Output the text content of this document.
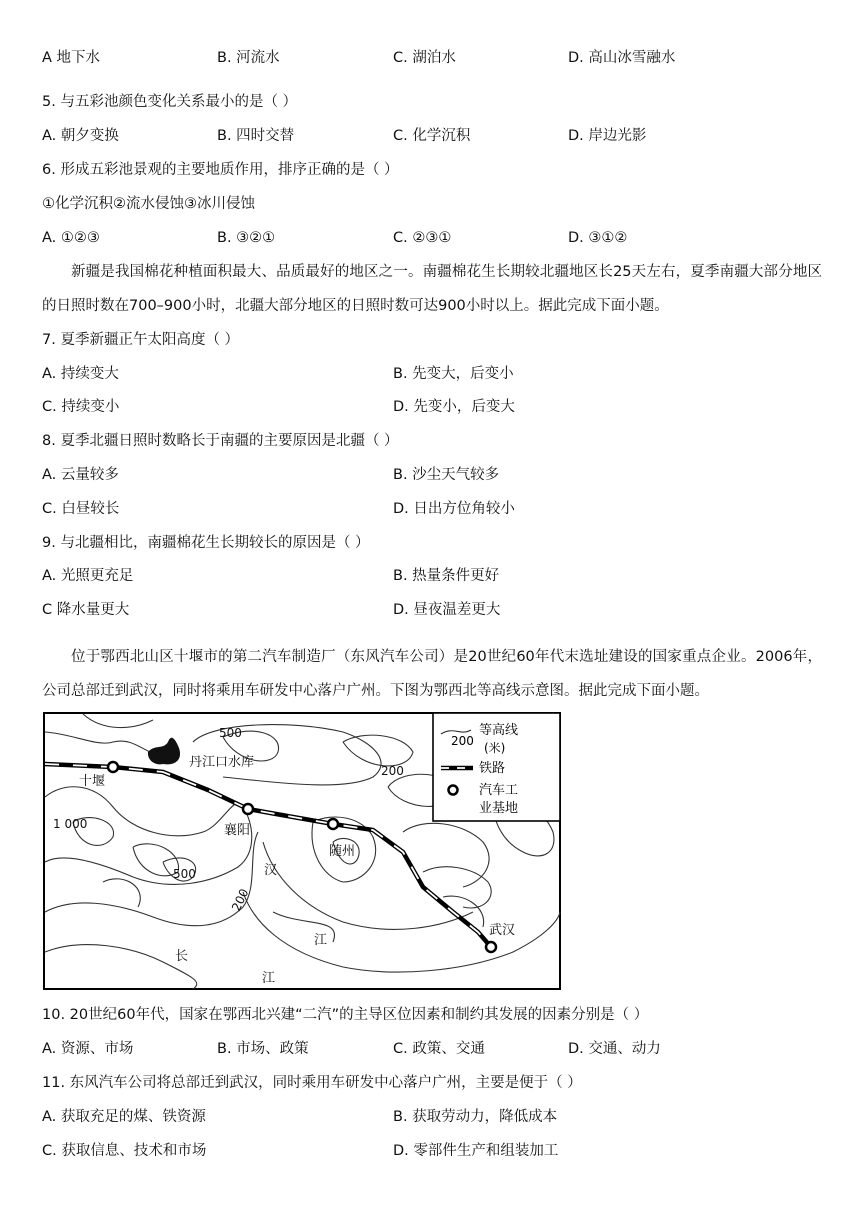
A 地下水	B. 河流水	C. 湖泊水	D. 高山冰雪融水
5. 与五彩池颜色变化关系最小的是（ ）
A. 朝夕变换	B. 四时交替	C. 化学沉积	D. 岸边光影
6. 形成五彩池景观的主要地质作用，排序正确的是（ ）
①化学沉积②流水侵蚀③冰川侵蚀
A. ①②③	B. ③②①	C. ②③①	D. ③①②
新疆是我国棉花种植面积最大、品质最好的地区之一。南疆棉花生长期较北疆地区长25天左右，夏季南疆大部分地区的日照时数在700–900小时，北疆大部分地区的日照时数可达900小时以上。据此完成下面小题。
7. 夏季新疆正午太阳高度（ ）
A. 持续变大	B. 先变大，后变小
C. 持续变小	D. 先变小，后变大
8. 夏季北疆日照时数略长于南疆的主要原因是北疆（ ）
A. 云量较多	B. 沙尘天气较多
C. 白昼较长	D. 日出方位角较小
9. 与北疆相比，南疆棉花生长期较长的原因是（ ）
A. 光照更充足	B. 热量条件更好
C 降水量更大	D. 昼夜温差更大
位于鄂西北山区十堰市的第二汽车制造厂（东风汽车公司）是20世纪60年代末选址建设的国家重点企业。2006年，公司总部迁到武汉，同时将乘用车研发中心落户广州。下图为鄂西北等高线示意图。据此完成下面小题。
丹江口水库
十堰
襄阳
随州
武汉
汉
江
长
江
500
200
1 000
500
200
200
等高线
(米)
铁路
汽车工
业基地
10. 20世纪60年代，国家在鄂西北兴建“二汽”的主导区位因素和制约其发展的因素分别是（ ）
A. 资源、市场	B. 市场、政策	C. 政策、交通	D. 交通、动力
11. 东风汽车公司将总部迁到武汉，同时乘用车研发中心落户广州，主要是便于（ ）
A. 获取充足的煤、铁资源	B. 获取劳动力，降低成本
C. 获取信息、技术和市场	D. 零部件生产和组装加工
